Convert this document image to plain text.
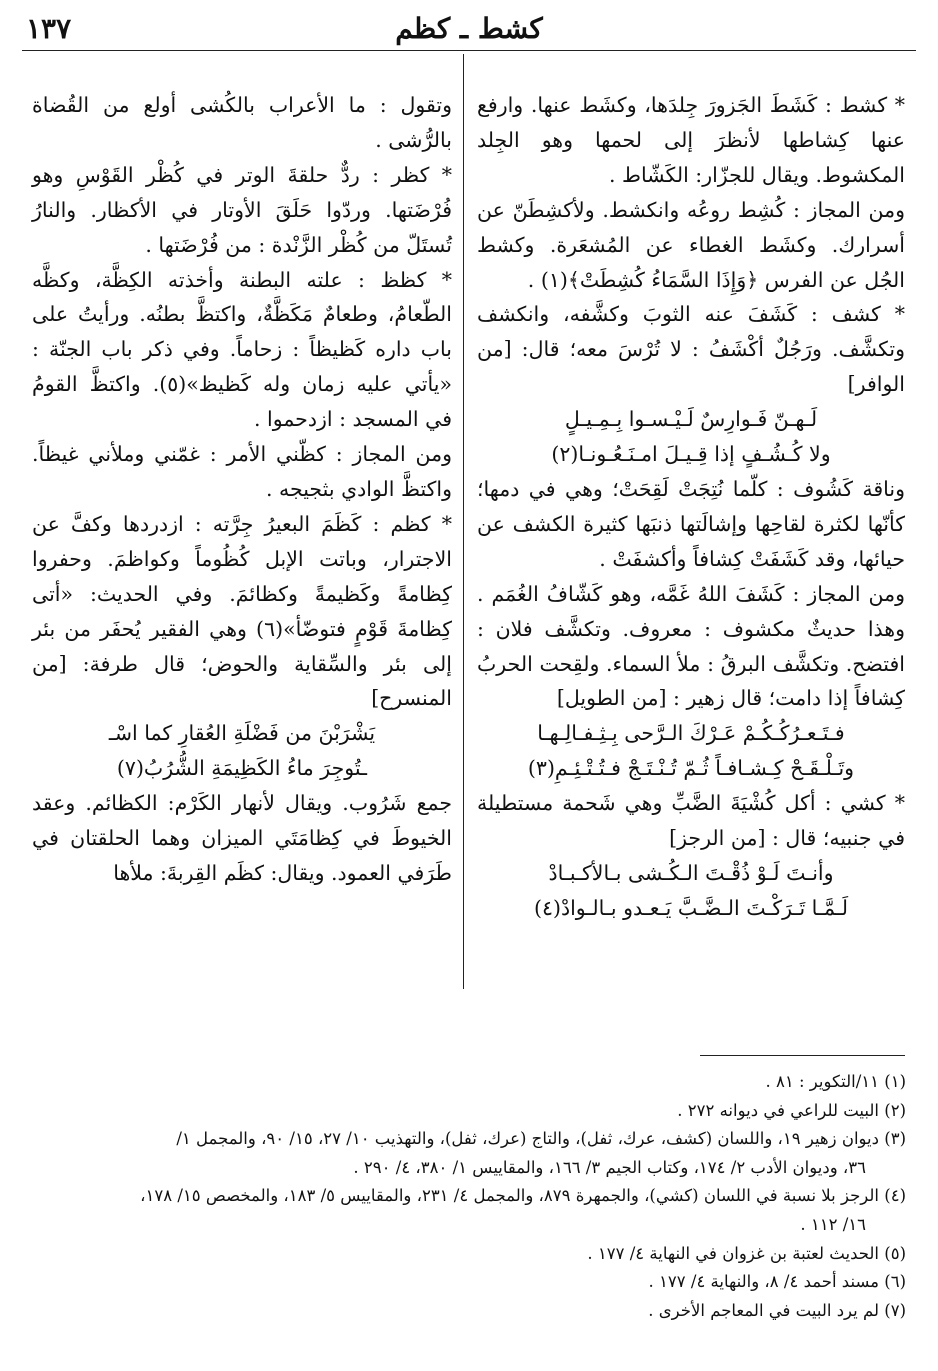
١٣٧	كشط ـ كظم

* كشط : كَشَطَ الجَزورَ جِلدَها، وكشَط عنها. وارفع عنها كِشاطها لأنظرَ إلى لحمها وهو الجِلد المكشوط. ويقال للجزّار: الكَشّاط .

ومن المجاز : كُشِط روعُه وانكشط. ولأكشِطَنّ عن أسرارك. وكشَط الغطاء عن المُشعَرة. وكشط الجُل عن الفرس ﴿وَإِذَا السَّمَاءُ كُشِطَتْ﴾(١) .

* كشف : كَشَفَ عنه الثوبَ وكشَّفه، وانكشف وتكشَّف. ورَجُلٌ أكْشَفُ : لا تُرْسَ معه؛ قال: [من الوافر]

لَـهـنّ فَـوارِسٌ لَـيْـسـوا بِـمِـيـلٍ
ولا كُـشُـفٍ إذا قِـيـلَ امـنَـعُـونـا(٢)

وناقة كَشُوف : كلّما نُتِجَتْ لَقِحَتْ؛ وهي في دمها؛ كأنّها لكثرة لقاحِها وإشالَتها ذنبَها كثيرة الكشف عن حيائها، وقد كَشَفَتْ كِشافاً وأكشفَتْ .

ومن المجاز : كَشَفَ اللهُ غَمَّه، وهو كَشّافُ الغُمَم . وهذا حديثٌ مكشوف : معروف. وتكشَّف فلان : افتضح. وتكشَّف البرقُ : ملأ السماء. ولقِحت الحربُ كِشافاً إذا دامت؛ قال زهير : [من الطويل]

فـتَـعـرُكُـكُـمْ عَـرْكَ الـرَّحى بِـثِـفـالِـهـا
وتَـلْـقَـحْ كِـشـافـاً ثُـمّ تُـنْـتَـجْ فـتُـتْـئِـمِ(٣)

* كشي : أكل كُشْيَةَ الضَّبِّ وهي شَحمة مستطيلة في جنبيه؛ قال : [من الرجز]

وأنـتَ لَـوْ ذُقْـتَ الـكُـشى بـالأكـبـادْ
لَـمَّـا تَـرَكْـتَ الـضَّـبَّ يَـعـدو بـالـوادْ(٤)

وتقول : ما الأعراب بالكُشى أولع من القُضاة بالرُّشى .

* كظر : ردٌّ حلقةَ الوتر في كُظْر القَوْسِ وهو فُرْضَتها. وردّوا حَلَقَ الأوتار في الأكظار. والنارُ تُستَلّ من كُظْر الزَّنْدة : من فُرْضَتها .

* كظظ : علته البطنة وأخذته الكِظَّة، وكظَّه الطّعامُ، وطعامٌ مَكَظَّةٌ، واكتظَّ بطنُه. ورأيتُ على باب داره كَظيظاً : زحاماً. وفي ذكر باب الجنّة : «يأتي عليه زمان وله كَظيظ»(٥). واكتظَّ القومُ في المسجد : ازدحموا .

ومن المجاز : كظّني الأمر : غمّني وملأني غيظاً. واكتظَّ الوادي بثجيجه .

* كظم : كَظَمَ البعيرُ جِرَّته : ازدردها وكفَّ عن الاجترار، وباتت الإبل كُظُوماً وكواظمَ. وحفروا كِظامةً وكَظيمةً وكظائمَ. وفي الحديث: «أتى كِظامةَ قَوْمٍ فتوضّأ»(٦) وهي الفقير يُحفَر من بئر إلى بئر والسِّقاية والحوض؛ قال طرفة: [من المنسرح]

يَشْرَبْنَ من فَضْلَةِ العُقارِ كما اسْـ
ـتُوجِرَ ماءُ الكَظِيمَةِ الشُّرُبُ(٧)

جمع شَرُوب. ويقال لأنهار الكَرْم: الكظائم. وعقد الخيوطَ في كِظامَتَي الميزان وهما الحلقتان في طَرَفي العمود. ويقال: كظَم القِربةَ: ملأها

(١) ١١/التكوير : ٨١ .

(٢) البيت للراعي في ديوانه ٢٧٢ .

(٣) ديوان زهير ١٩، واللسان (كشف، عرك، ثفل)، والتاج (عرك، ثفل)، والتهذيب ١٠/ ٢٧، ١٥/ ٩٠، والمجمل ١/

٣٦، وديوان الأدب ٢/ ١٧٤، وكتاب الجيم ٣/ ١٦٦، والمقاييس ١/ ٣٨٠، ٤/ ٢٩٠ .

(٤) الرجز بلا نسبة في اللسان (كشي)، والجمهرة ٨٧٩، والمجمل ٤/ ٢٣١، والمقاييس ٥/ ١٨٣، والمخصص ١٥/ ١٧٨،

١٦/ ١١٢ .

(٥) الحديث لعتبة بن غزوان في النهاية ٤/ ١٧٧ .

(٦) مسند أحمد ٤/ ٨، والنهاية ٤/ ١٧٧ .

(٧) لم يرد البيت في المعاجم الأخرى .
